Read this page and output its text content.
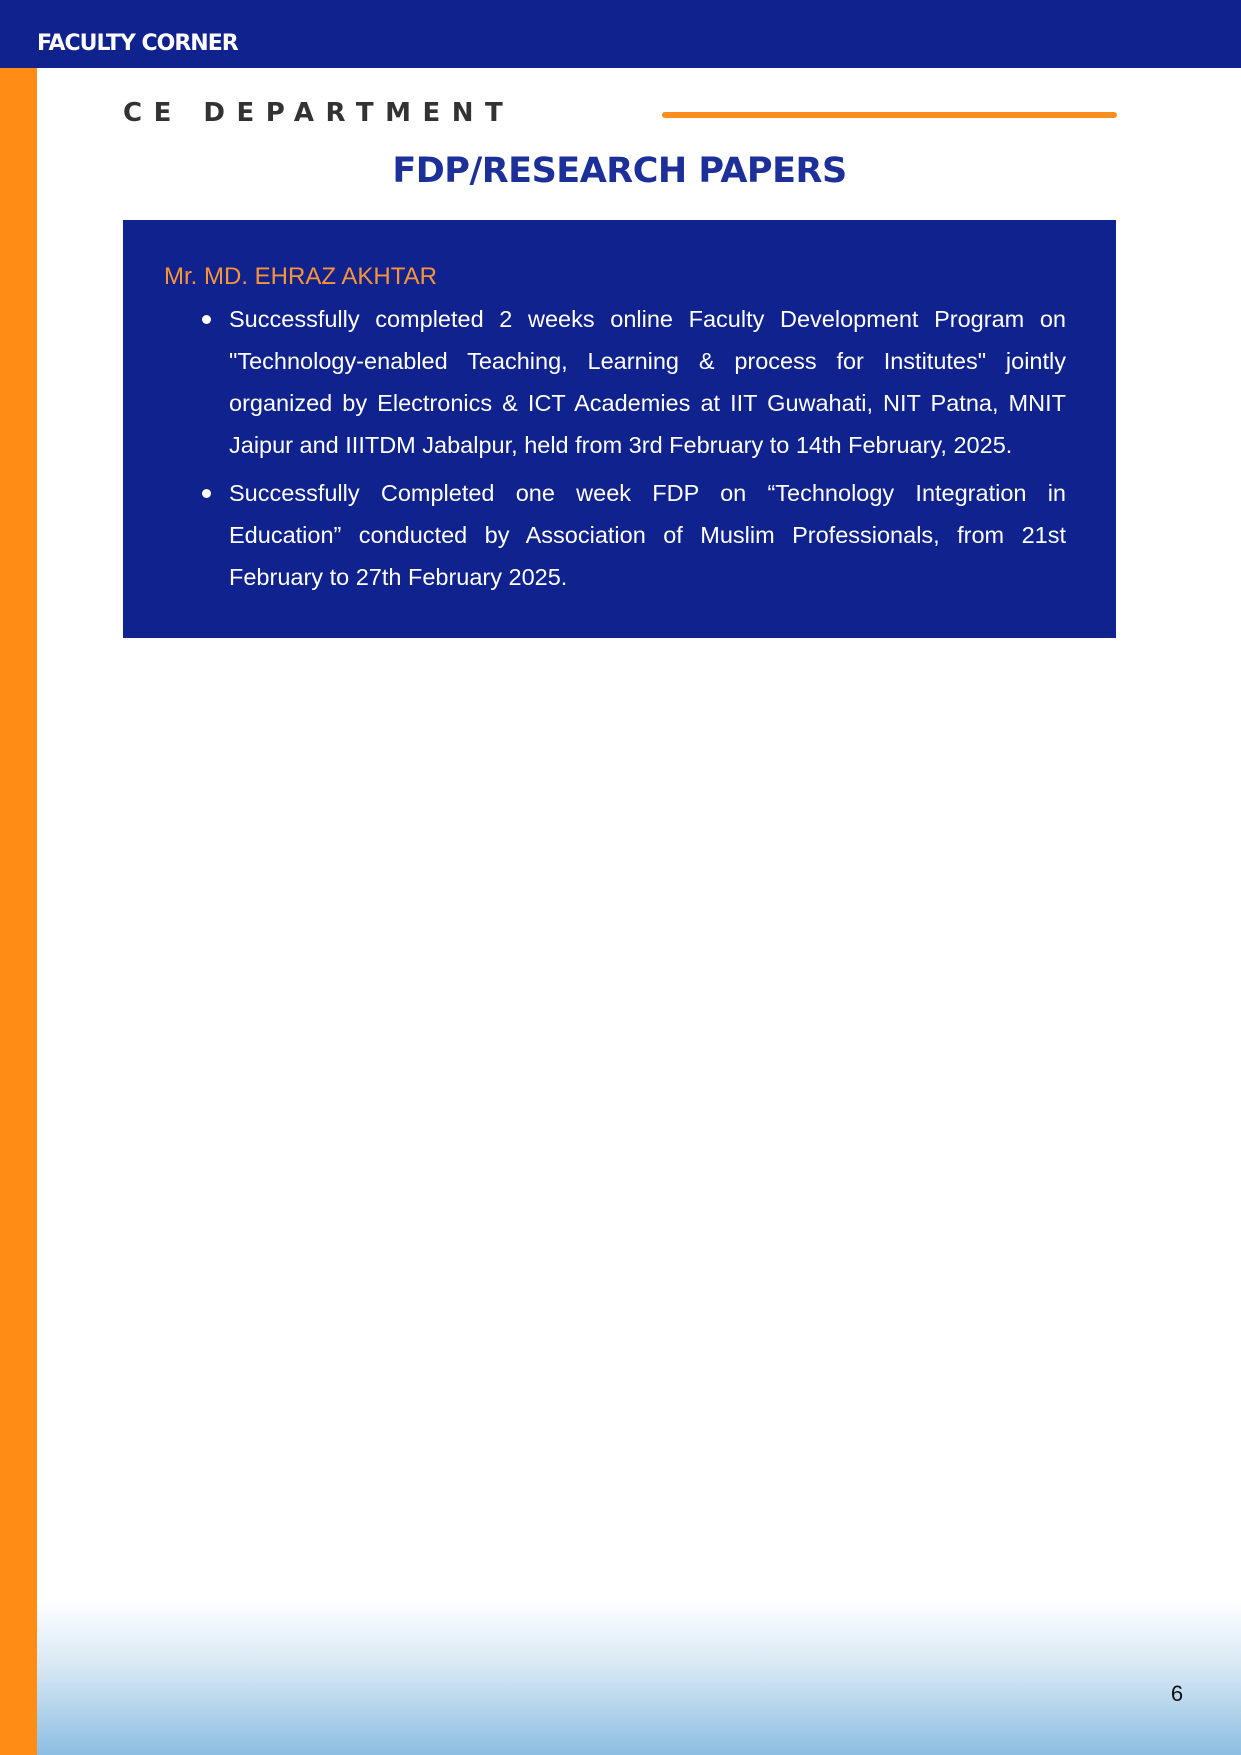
FACULTY CORNER
CE DEPARTMENT
FDP/RESEARCH PAPERS
Mr. MD. EHRAZ AKHTAR
Successfully completed 2 weeks online Faculty Development Program on "Technology-enabled Teaching, Learning & process for Institutes" jointly organized by Electronics & ICT Academies at IIT Guwahati, NIT Patna, MNIT Jaipur and IIITDM Jabalpur, held from 3rd February to 14th February, 2025.
Successfully Completed one week FDP on “Technology Integration in Education” conducted by Association of Muslim Professionals, from 21st February to 27th February 2025.
6
